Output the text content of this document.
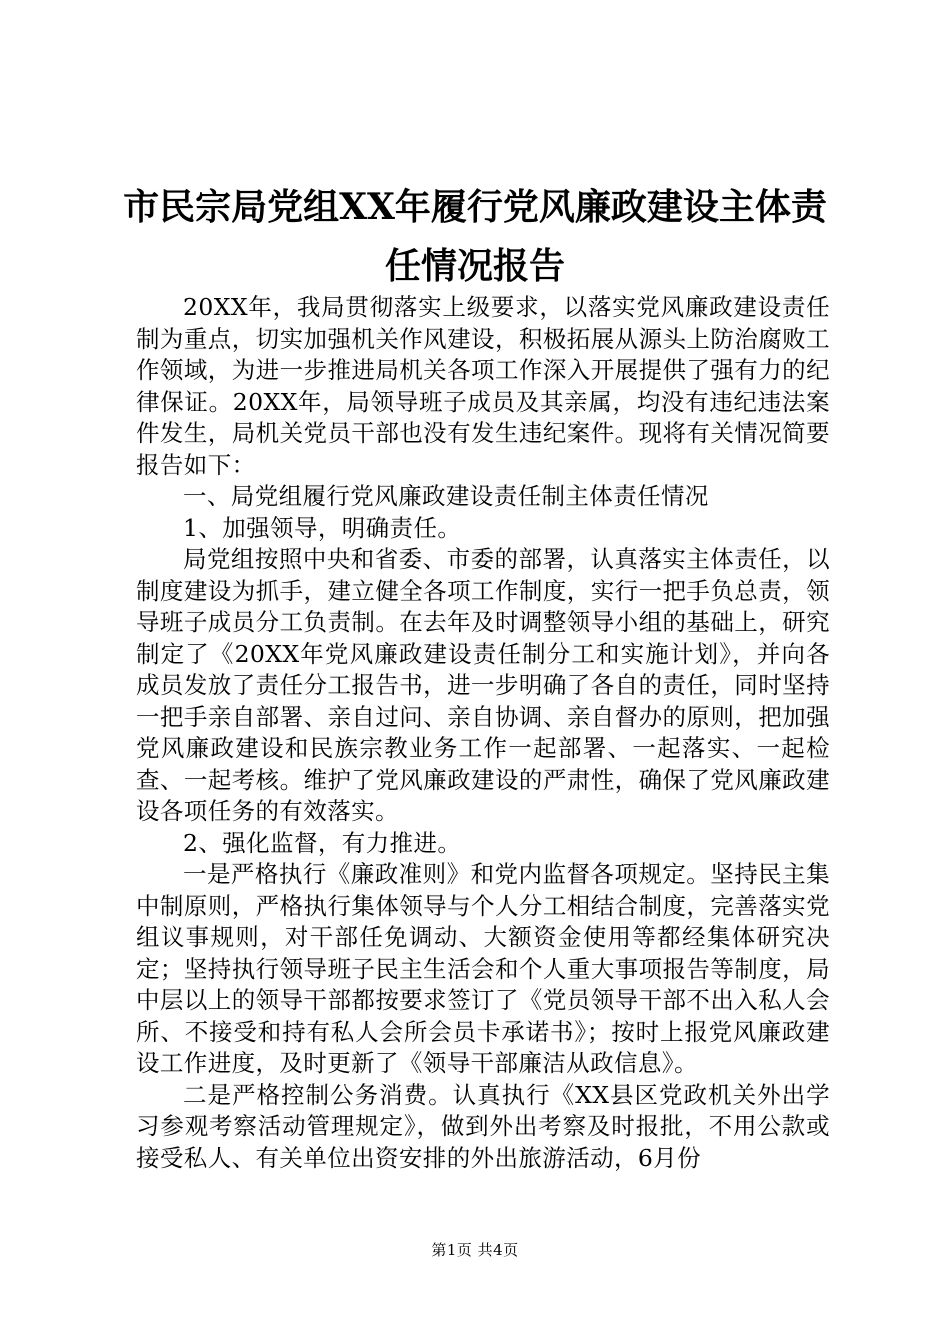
市民宗局党组XX年履行党风廉政建设主体责
任情况报告

20XX年，我局贯彻落实上级要求，以落实党风廉政建设责任制为重点，切实加强机关作风建设，积极拓展从源头上防治腐败工作领域，为进一步推进局机关各项工作深入开展提供了强有力的纪律保证。20XX年，局领导班子成员及其亲属，均没有违纪违法案件发生，局机关党员干部也没有发生违纪案件。现将有关情况简要报告如下：

一、局党组履行党风廉政建设责任制主体责任情况

1、加强领导，明确责任。

局党组按照中央和省委、市委的部署，认真落实主体责任，以制度建设为抓手，建立健全各项工作制度，实行一把手负总责，领导班子成员分工负责制。在去年及时调整领导小组的基础上，研究制定了《20XX年党风廉政建设责任制分工和实施计划》，并向各成员发放了责任分工报告书，进一步明确了各自的责任，同时坚持一把手亲自部署、亲自过问、亲自协调、亲自督办的原则，把加强党风廉政建设和民族宗教业务工作一起部署、一起落实、一起检查、一起考核。维护了党风廉政建设的严肃性，确保了党风廉政建设各项任务的有效落实。

2、强化监督，有力推进。

一是严格执行《廉政准则》和党内监督各项规定。坚持民主集中制原则，严格执行集体领导与个人分工相结合制度，完善落实党组议事规则，对干部任免调动、大额资金使用等都经集体研究决定；坚持执行领导班子民主生活会和个人重大事项报告等制度，局中层以上的领导干部都按要求签订了《党员领导干部不出入私人会所、不接受和持有私人会所会员卡承诺书》；按时上报党风廉政建设工作进度，及时更新了《领导干部廉洁从政信息》。

二是严格控制公务消费。认真执行《XX县区党政机关外出学习参观考察活动管理规定》，做到外出考察及时报批，不用公款或接受私人、有关单位出资安排的外出旅游活动，6月份

第1页 共4页
